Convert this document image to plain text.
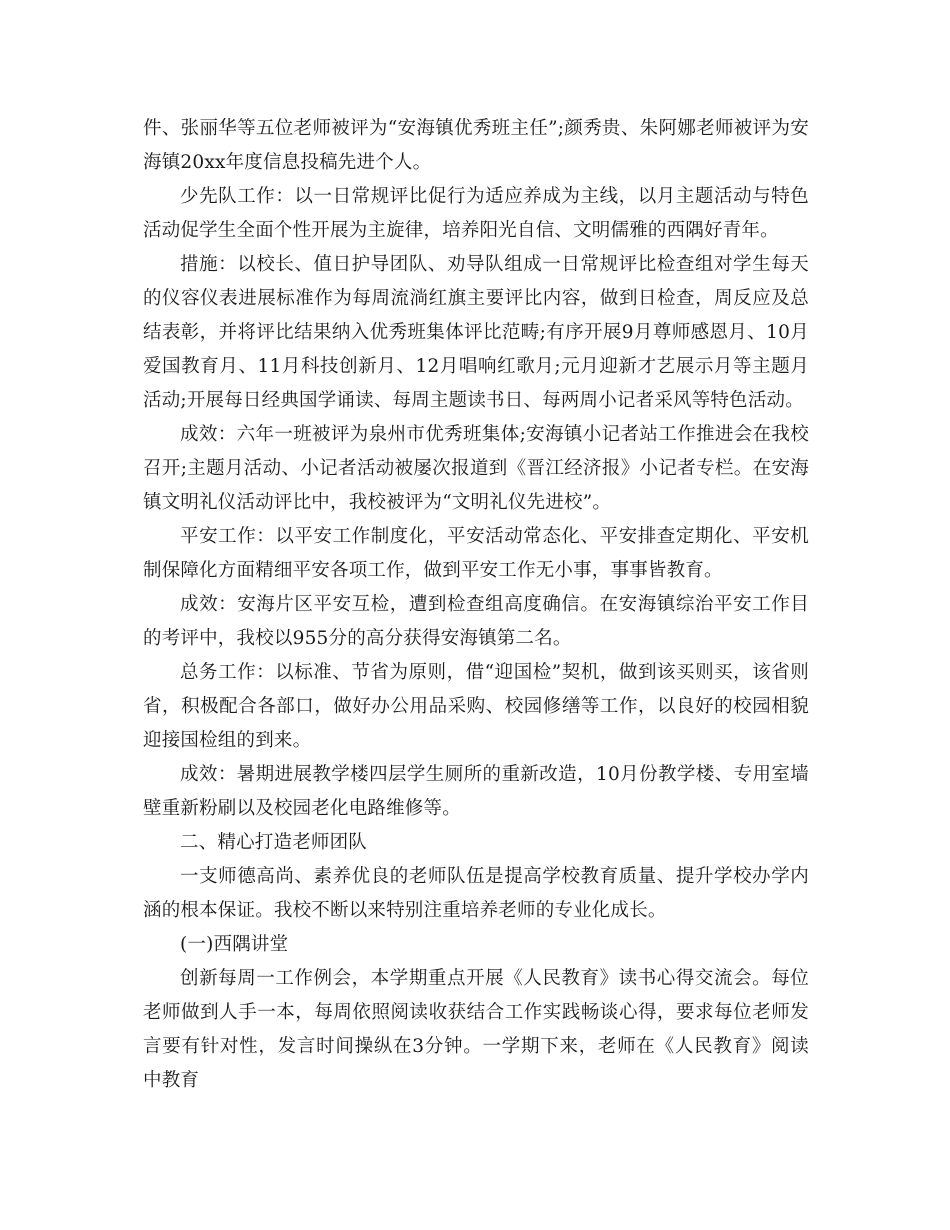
件、张丽华等五位老师被评为“安海镇优秀班主任”;颜秀贵、朱阿娜老师被评为安海镇20xx年度信息投稿先进个人。

少先队工作：以一日常规评比促行为适应养成为主线，以月主题活动与特色活动促学生全面个性开展为主旋律，培养阳光自信、文明儒雅的西隅好青年。

措施：以校长、值日护导团队、劝导队组成一日常规评比检查组对学生每天的仪容仪表进展标准作为每周流淌红旗主要评比内容，做到日检查，周反应及总结表彰，并将评比结果纳入优秀班集体评比范畴;有序开展9月尊师感恩月、10月爱国教育月、11月科技创新月、12月唱响红歌月;元月迎新才艺展示月等主题月活动;开展每日经典国学诵读、每周主题读书日、每两周小记者采风等特色活动。

成效：六年一班被评为泉州市优秀班集体;安海镇小记者站工作推进会在我校召开;主题月活动、小记者活动被屡次报道到《晋江经济报》小记者专栏。在安海镇文明礼仪活动评比中，我校被评为“文明礼仪先进校”。

平安工作：以平安工作制度化，平安活动常态化、平安排查定期化、平安机制保障化方面精细平安各项工作，做到平安工作无小事，事事皆教育。

成效：安海片区平安互检，遭到检查组高度确信。在安海镇综治平安工作目的考评中，我校以955分的高分获得安海镇第二名。

总务工作：以标准、节省为原则，借“迎国检”契机，做到该买则买，该省则省，积极配合各部口，做好办公用品采购、校园修缮等工作，以良好的校园相貌迎接国检组的到来。

成效：暑期进展教学楼四层学生厕所的重新改造，10月份教学楼、专用室墙壁重新粉刷以及校园老化电路维修等。

二、精心打造老师团队

一支师德高尚、素养优良的老师队伍是提高学校教育质量、提升学校办学内涵的根本保证。我校不断以来特别注重培养老师的专业化成长。

(一)西隅讲堂

创新每周一工作例会，本学期重点开展《人民教育》读书心得交流会。每位老师做到人手一本，每周依照阅读收获结合工作实践畅谈心得，要求每位老师发言要有针对性，发言时间操纵在3分钟。一学期下来，老师在《人民教育》阅读中教育
